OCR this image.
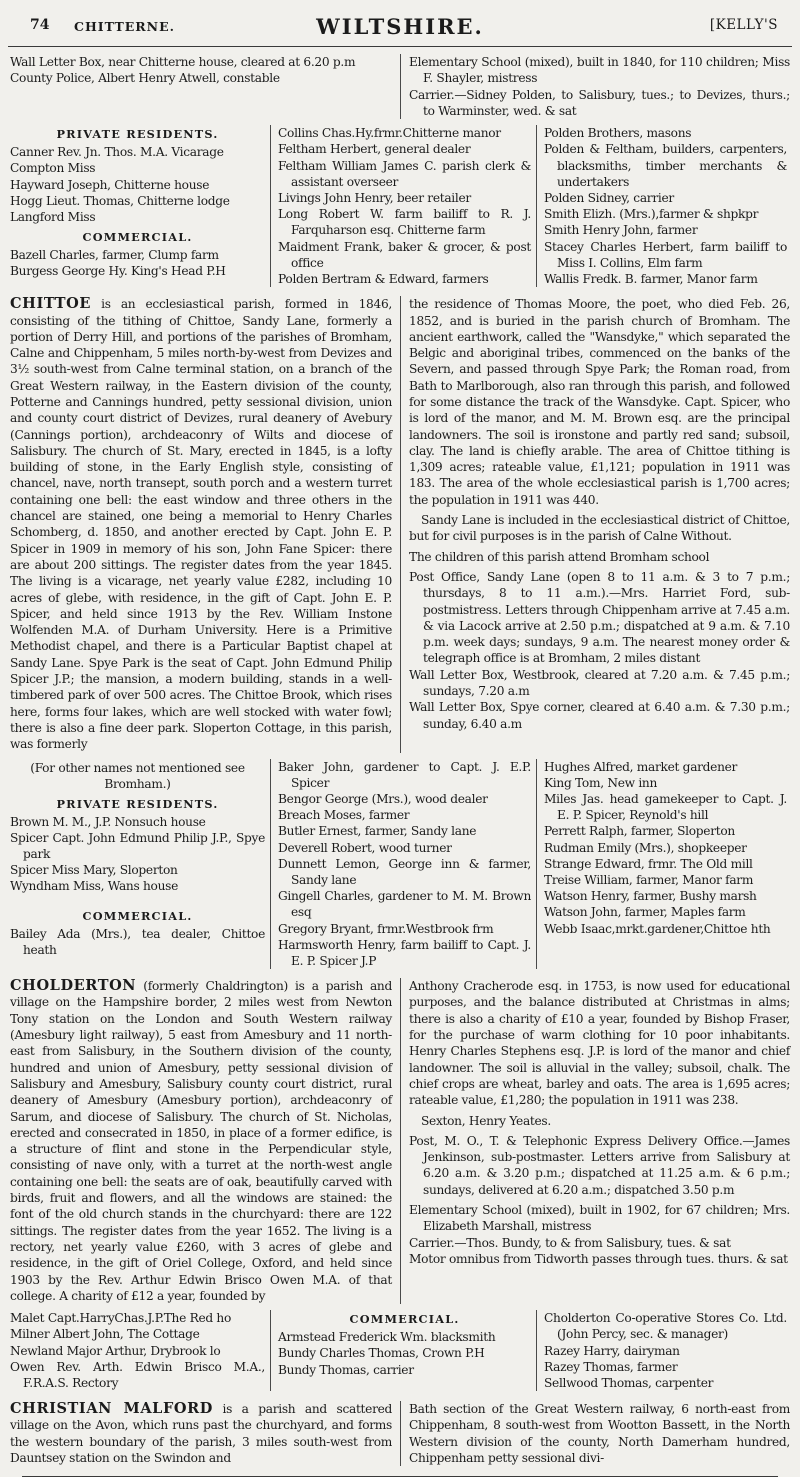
74 CHITTERNE.	WILTSHIRE.	[KELLY'S
Wall Letter Box, near Chitterne house, cleared at 6.20 p.m
County Police, Albert Henry Atwell, constable
Elementary School (mixed), built in 1840, for 110 children; Miss F. Shayler, mistress
Carrier.—Sidney Polden, to Salisbury, tues.; to Devizes, thurs.; to Warminster, wed. & sat
PRIVATE RESIDENTS.
Canner Rev. Jn. Thos. M.A. Vicarage
Compton Miss
Hayward Joseph, Chitterne house
Hogg Lieut. Thomas, Chitterne lodge
Langford Miss
COMMERCIAL.
Bazell Charles, farmer, Clump farm
Burgess George Hy. King's Head P.H
Collins Chas.Hy.frmr.Chitterne manor
Feltham Herbert, general dealer
Feltham William James C. parish clerk & assistant overseer
Livings John Henry, beer retailer
Long Robert W. farm bailiff to R. J. Farquharson esq. Chitterne farm
Maidment Frank, baker & grocer, & post office
Polden Bertram & Edward, farmers
Polden Brothers, masons
Polden & Feltham, builders, carpenters, blacksmiths, timber merchants & undertakers
Polden Sidney, carrier
Smith Elizh. (Mrs.),farmer & shpkpr
Smith Henry John, farmer
Stacey Charles Herbert, farm bailiff to Miss I. Collins, Elm farm
Wallis Fredk. B. farmer, Manor farm

CHITTOE is an ecclesiastical parish, formed in 1846, consisting of the tithing of Chittoe, Sandy Lane, formerly a portion of Derry Hill, and portions of the parishes of Bromham, Calne and Chippenham, 5 miles north-by-west from Devizes and 3½ south-west from Calne terminal station, on a branch of the Great Western railway, in the Eastern division of the county, Potterne and Cannings hundred, petty sessional division, union and county court district of Devizes, rural deanery of Avebury (Cannings portion), archdeaconry of Wilts and diocese of Salisbury. The church of St. Mary, erected in 1845, is a lofty building of stone, in the Early English style, consisting of chancel, nave, north transept, south porch and a western turret containing one bell: the east window and three others in the chancel are stained, one being a memorial to Henry Charles Schomberg, d. 1850, and another erected by Capt. John E. P. Spicer in 1909 in memory of his son, John Fane Spicer: there are about 200 sittings. The register dates from the year 1845. The living is a vicarage, net yearly value £282, including 10 acres of glebe, with residence, in the gift of Capt. John E. P. Spicer, and held since 1913 by the Rev. William Instone Wolfenden M.A. of Durham University. Here is a Primitive Methodist chapel, and there is a Particular Baptist chapel at Sandy Lane. Spye Park is the seat of Capt. John Edmund Philip Spicer J.P.; the mansion, a modern building, stands in a well-timbered park of over 500 acres. The Chittoe Brook, which rises here, forms four lakes, which are well stocked with water fowl; there is also a fine deer park. Sloperton Cottage, in this parish, was formerly

the residence of Thomas Moore, the poet, who died Feb. 26, 1852, and is buried in the parish church of Bromham. The ancient earthwork, called the "Wansdyke," which separated the Belgic and aboriginal tribes, commenced on the banks of the Severn, and passed through Spye Park; the Roman road, from Bath to Marlborough, also ran through this parish, and followed for some distance the track of the Wansdyke. Capt. Spicer, who is lord of the manor, and M. M. Brown esq. are the principal landowners. The soil is ironstone and partly red sand; subsoil, clay. The land is chiefly arable. The area of Chittoe tithing is 1,309 acres; rateable value, £1,121; population in 1911 was 183. The area of the whole ecclesiastical parish is 1,700 acres; the population in 1911 was 440.

Sandy Lane is included in the ecclesiastical district of Chittoe, but for civil purposes is in the parish of Calne Without.

The children of this parish attend Bromham school

Post Office, Sandy Lane (open 8 to 11 a.m. & 3 to 7 p.m.; thursdays, 8 to 11 a.m.).—Mrs. Harriet Ford, sub-postmistress. Letters through Chippenham arrive at 7.45 a.m. & via Lacock arrive at 2.50 p.m.; dispatched at 9 a.m. & 7.10 p.m. week days; sundays, 9 a.m. The nearest money order & telegraph office is at Bromham, 2 miles distant

Wall Letter Box, Westbrook, cleared at 7.20 a.m. & 7.45 p.m.; sundays, 7.20 a.m

Wall Letter Box, Spye corner, cleared at 6.40 a.m. & 7.30 p.m.; sunday, 6.40 a.m

(For other names not mentioned see Bromham.)
PRIVATE RESIDENTS.
Brown M. M., J.P. Nonsuch house
Spicer Capt. John Edmund Philip J.P., Spye park
Spicer Miss Mary, Sloperton
Wyndham Miss, Wans house
COMMERCIAL.
Bailey Ada (Mrs.), tea dealer, Chittoe heath
Baker John, gardener to Capt. J. E.P. Spicer
Bengor George (Mrs.), wood dealer
Breach Moses, farmer
Butler Ernest, farmer, Sandy lane
Deverell Robert, wood turner
Dunnett Lemon, George inn & farmer, Sandy lane
Gingell Charles, gardener to M. M. Brown esq
Gregory Bryant, frmr.Westbrook frm
Harmsworth Henry, farm bailiff to Capt. J. E. P. Spicer J.P
Hughes Alfred, market gardener
King Tom, New inn
Miles Jas. head gamekeeper to Capt. J. E. P. Spicer, Reynold's hill
Perrett Ralph, farmer, Sloperton
Rudman Emily (Mrs.), shopkeeper
Strange Edward, frmr. The Old mill
Treise William, farmer, Manor farm
Watson Henry, farmer, Bushy marsh
Watson John, farmer, Maples farm
Webb Isaac,mrkt.gardener,Chittoe hth

CHOLDERTON (formerly Chaldrington) is a parish and village on the Hampshire border, 2 miles west from Newton Tony station on the London and South Western railway (Amesbury light railway), 5 east from Amesbury and 11 north-east from Salisbury, in the Southern division of the county, hundred and union of Amesbury, petty sessional division of Salisbury and Amesbury, Salisbury county court district, rural deanery of Amesbury (Amesbury portion), archdeaconry of Sarum, and diocese of Salisbury. The church of St. Nicholas, erected and consecrated in 1850, in place of a former edifice, is a structure of flint and stone in the Perpendicular style, consisting of nave only, with a turret at the north-west angle containing one bell: the seats are of oak, beautifully carved with birds, fruit and flowers, and all the windows are stained: the font of the old church stands in the churchyard: there are 122 sittings. The register dates from the year 1652. The living is a rectory, net yearly value £260, with 3 acres of glebe and residence, in the gift of Oriel College, Oxford, and held since 1903 by the Rev. Arthur Edwin Brisco Owen M.A. of that college. A charity of £12 a year, founded by

Anthony Cracherode esq. in 1753, is now used for educational purposes, and the balance distributed at Christmas in alms; there is also a charity of £10 a year, founded by Bishop Fraser, for the purchase of warm clothing for 10 poor inhabitants. Henry Charles Stephens esq. J.P. is lord of the manor and chief landowner. The soil is alluvial in the valley; subsoil, chalk. The chief crops are wheat, barley and oats. The area is 1,695 acres; rateable value, £1,280; the population in 1911 was 238.

Sexton, Henry Yeates.

Post, M. O., T. & Telephonic Express Delivery Office.—James Jenkinson, sub-postmaster. Letters arrive from Salisbury at 6.20 a.m. & 3.20 p.m.; dispatched at 11.25 a.m. & 6 p.m.; sundays, delivered at 6.20 a.m.; dispatched 3.50 p.m

Elementary School (mixed), built in 1902, for 67 children; Mrs. Elizabeth Marshall, mistress

Carrier.—Thos. Bundy, to & from Salisbury, tues. & sat

Motor omnibus from Tidworth passes through tues. thurs. & sat

Malet Capt.HarryChas.J.P.The Red ho
Milner Albert John, The Cottage
Newland Major Arthur, Drybrook lo
Owen Rev. Arth. Edwin Brisco M.A., F.R.A.S. Rectory
COMMERCIAL.
Armstead Frederick Wm. blacksmith
Bundy Charles Thomas, Crown P.H
Bundy Thomas, carrier
Cholderton Co-operative Stores Co. Ltd. (John Percy, sec. & manager)
Razey Harry, dairyman
Razey Thomas, farmer
Sellwood Thomas, carpenter

CHRISTIAN MALFORD is a parish and scattered village on the Avon, which runs past the churchyard, and forms the western boundary of the parish, 3 miles south-west from Dauntsey station on the Swindon and

Bath section of the Great Western railway, 6 north-east from Chippenham, 8 south-west from Wootton Bassett, in the North Western division of the county, North Damerham hundred, Chippenham petty sessional divi-
